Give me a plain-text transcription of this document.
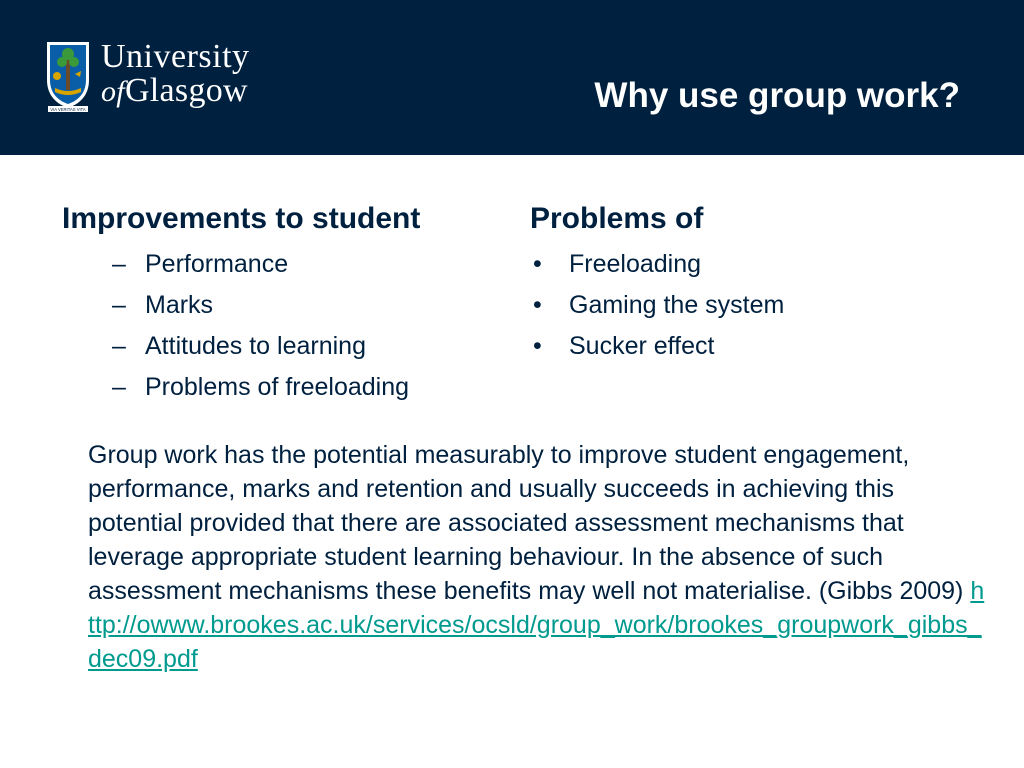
VIA VERITAS VITA
University
ofGlasgow	Why use group work?
Improvements to student
– Performance
– Marks
– Attitudes to learning
– Problems of freeloading
Problems of
• Freeloading
• Gaming the system
• Sucker effect
Group work has the potential measurably to improve student engagement, performance, marks and retention and usually succeeds in achieving this potential provided that there are associated assessment mechanisms that leverage appropriate student learning behaviour. In the absence of such assessment mechanisms these benefits may well not materialise. (Gibbs 2009) http://owww.brookes.ac.uk/services/ocsld/group_work/brookes_groupwork_gibbs_dec09.pdf
